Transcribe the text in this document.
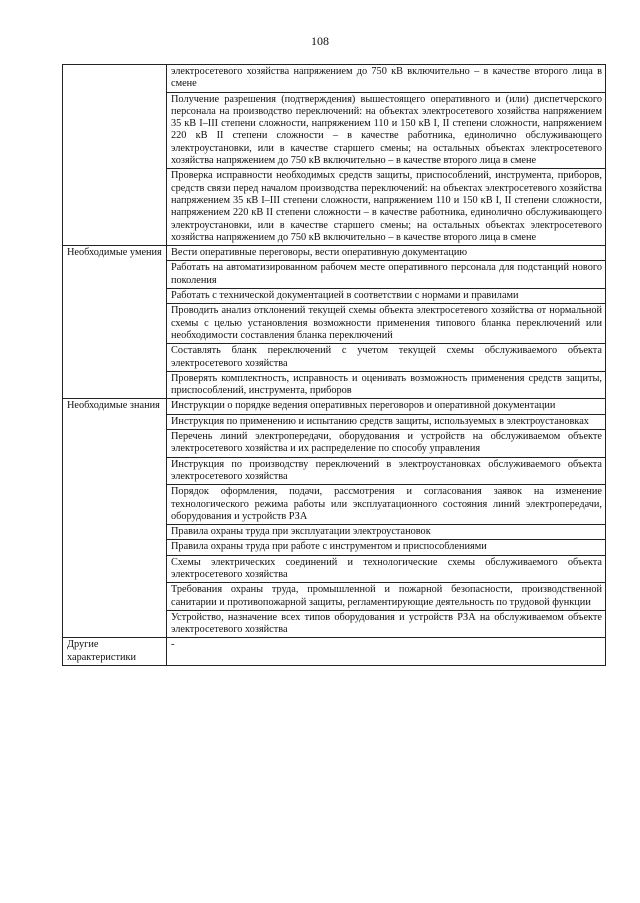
108
	электросетевого хозяйства напряжением до 750 кВ включительно – в качестве второго лица в смене
	Получение разрешения (подтверждения) вышестоящего оперативного и (или) диспетчерского персонала на производство переключений: на объектах электросетевого хозяйства напряжением 35 кВ I–III степени сложности, напряжением 110 и 150 кВ I, II степени сложности, напряжением 220 кВ II степени сложности – в качестве работника, единолично обслуживающего электроустановки, или в качестве старшего смены; на остальных объектах электросетевого хозяйства напряжением до 750 кВ включительно – в качестве второго лица в смене
	Проверка исправности необходимых средств защиты, приспособлений, инструмента, приборов, средств связи перед началом производства переключений: на объектах электросетевого хозяйства напряжением 35 кВ I–III степени сложности, напряжением 110 и 150 кВ I, II степени сложности, напряжением 220 кВ II степени сложности – в качестве работника, единолично обслуживающего электроустановки, или в качестве старшего смены; на остальных объектах электросетевого хозяйства напряжением до 750 кВ включительно – в качестве второго лица в смене
Необходимые умения	Вести оперативные переговоры, вести оперативную документацию
	Работать на автоматизированном рабочем месте оперативного персонала для подстанций нового поколения
	Работать с технической документацией в соответствии с нормами и правилами
	Проводить анализ отклонений текущей схемы объекта электросетевого хозяйства от нормальной схемы с целью установления возможности применения типового бланка переключений или необходимости составления бланка переключений
	Составлять бланк переключений с учетом текущей схемы обслуживаемого объекта электросетевого хозяйства
	Проверять комплектность, исправность и оценивать возможность применения средств защиты, приспособлений, инструмента, приборов
Необходимые знания	Инструкции о порядке ведения оперативных переговоров и оперативной документации
	Инструкция по применению и испытанию средств защиты, используемых в электроустановках
	Перечень линий электропередачи, оборудования и устройств на обслуживаемом объекте электросетевого хозяйства и их распределение по способу управления
	Инструкция по производству переключений в электроустановках обслуживаемого объекта электросетевого хозяйства
	Порядок оформления, подачи, рассмотрения и согласования заявок на изменение технологического режима работы или эксплуатационного состояния линий электропередачи, оборудования и устройств РЗА
	Правила охраны труда при эксплуатации электроустановок
	Правила охраны труда при работе с инструментом и приспособлениями
	Схемы электрических соединений и технологические схемы обслуживаемого объекта электросетевого хозяйства
	Требования охраны труда, промышленной и пожарной безопасности, производственной санитарии и противопожарной защиты, регламентирующие деятельность по трудовой функции
	Устройство, назначение всех типов оборудования и устройств РЗА на обслуживаемом объекте электросетевого хозяйства
Другие характеристики	-
